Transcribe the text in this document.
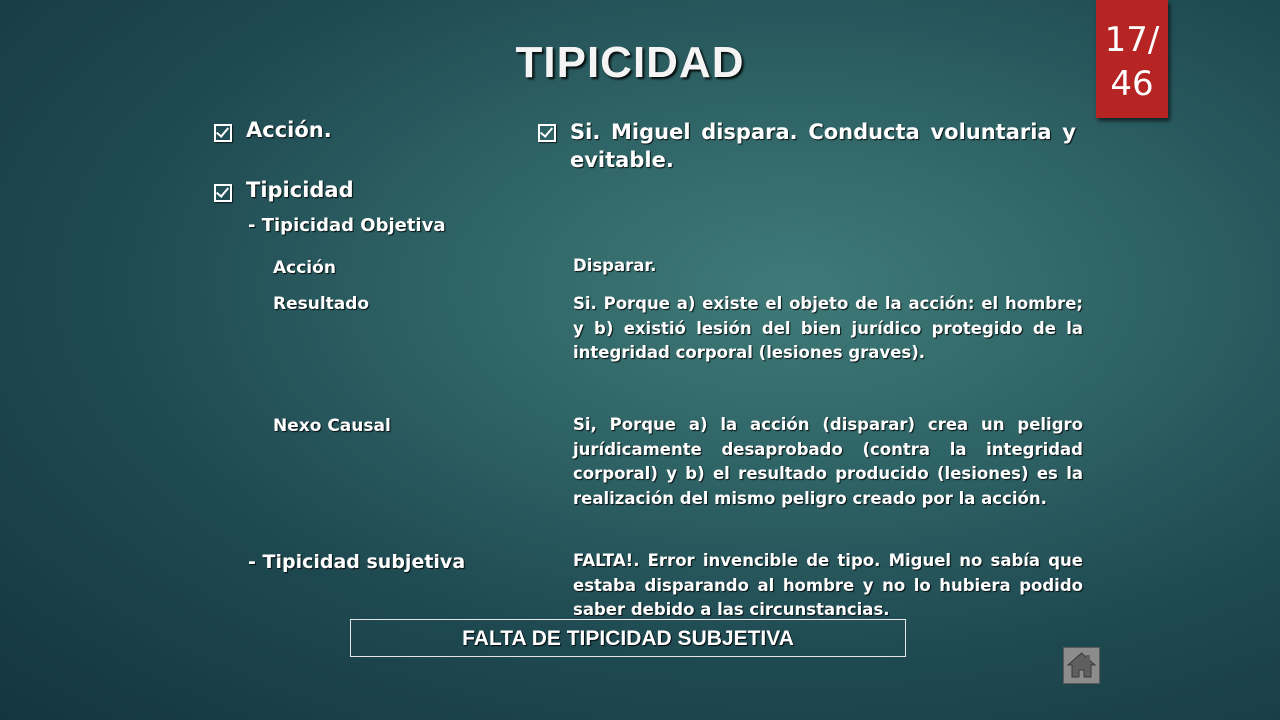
TIPICIDAD	17/ 46
Acción.	Si. Miguel dispara. Conducta voluntaria y evitable.
Tipicidad
- Tipicidad Objetiva
Acción	Disparar.
Resultado	Si. Porque a) existe el objeto de la acción: el hombre; y b) existió lesión del bien jurídico protegido de la integridad corporal (lesiones graves).
Nexo Causal	Si, Porque a) la acción (disparar) crea un peligro jurídicamente desaprobado (contra la integridad corporal) y b) el resultado producido (lesiones) es la realización del mismo peligro creado por la acción.
- Tipicidad subjetiva	FALTA!. Error invencible de tipo. Miguel no sabía que estaba disparando al hombre y no lo hubiera podido saber debido a las circunstancias.
FALTA DE TIPICIDAD SUBJETIVA
